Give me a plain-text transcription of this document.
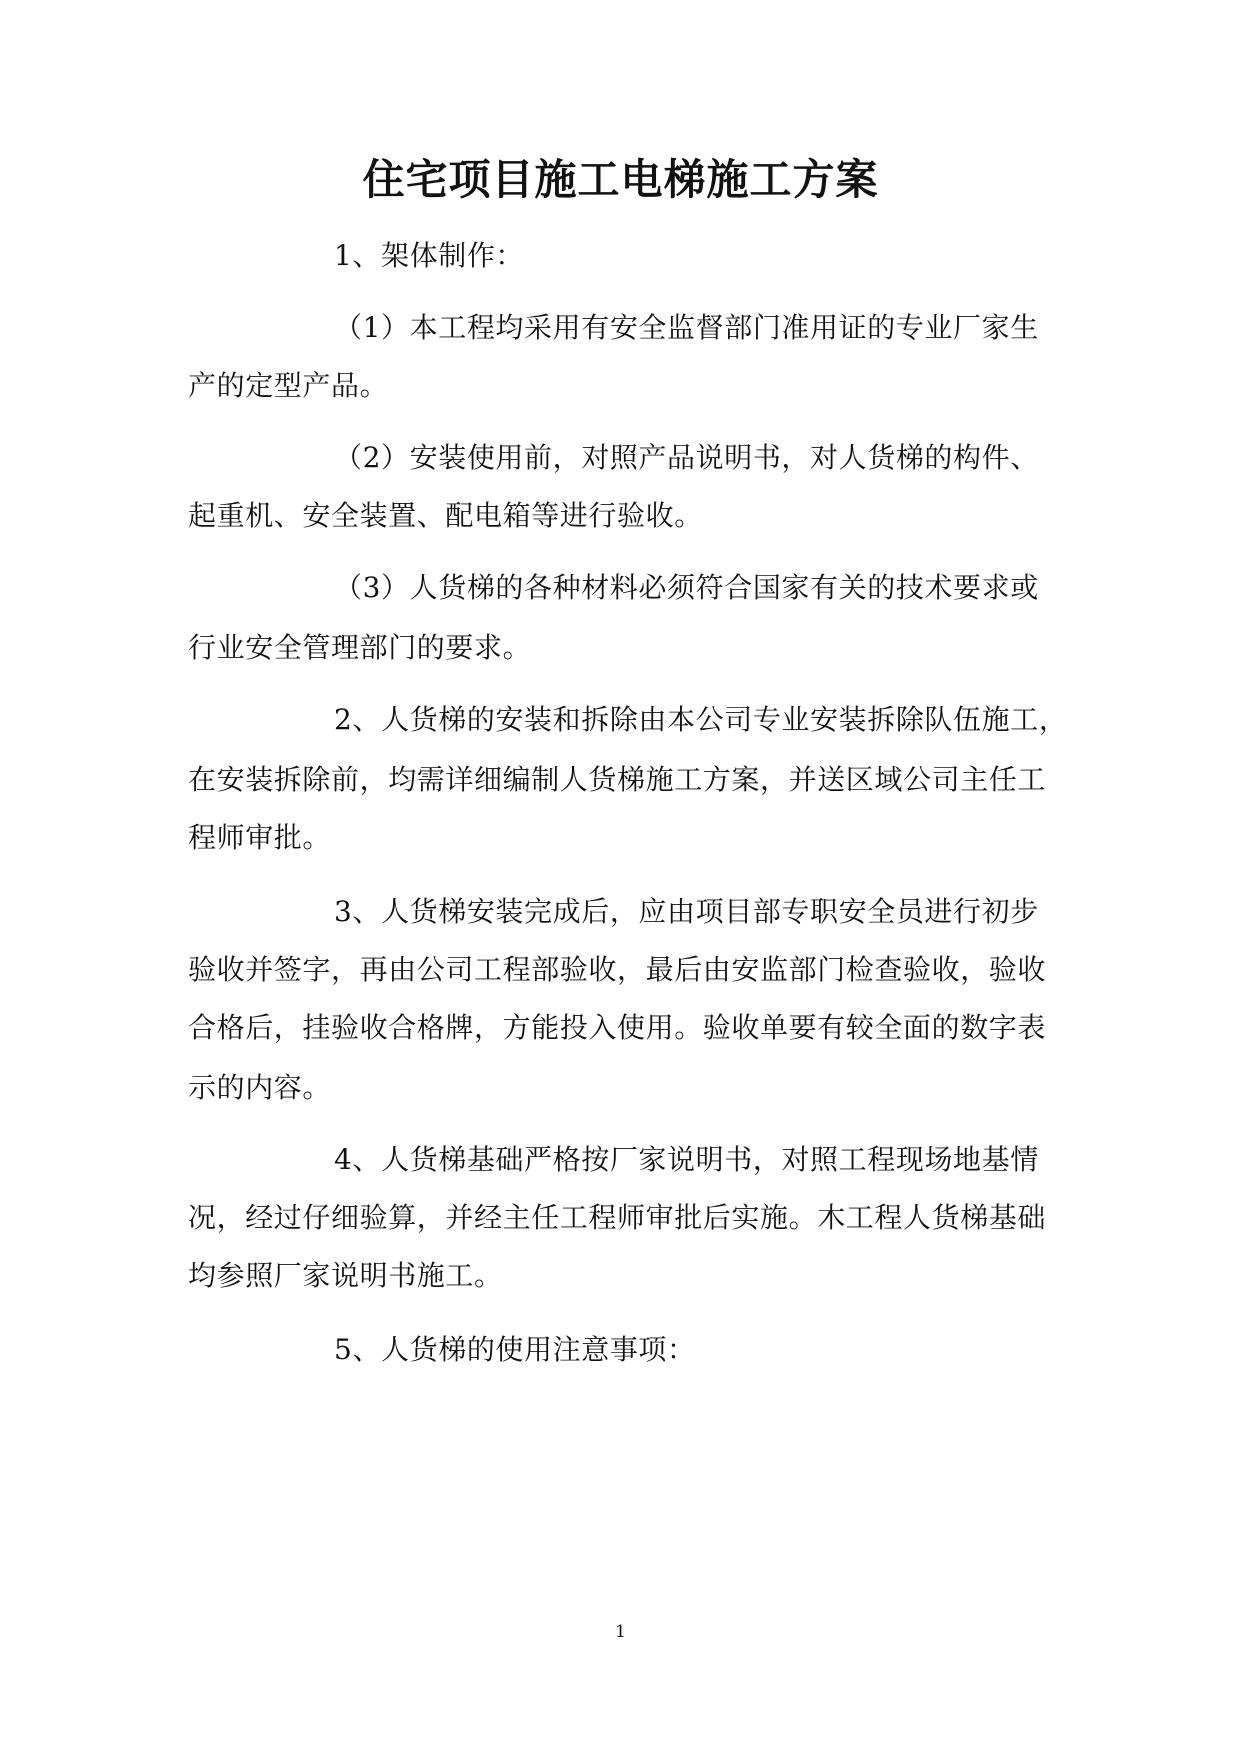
住宅项目施工电梯施工方案
1、架体制作：
（1）本工程均采用有安全监督部门准用证的专业厂家生
产的定型产品。
（2）安装使用前，对照产品说明书，对人货梯的构件、
起重机、安全装置、配电箱等进行验收。
（3）人货梯的各种材料必须符合国家有关的技术要求或
行业安全管理部门的要求。
2、人货梯的安装和拆除由本公司专业安装拆除队伍施工，
在安装拆除前，均需详细编制人货梯施工方案，并送区域公司主任工
程师审批。
3、人货梯安装完成后，应由项目部专职安全员进行初步
验收并签字，再由公司工程部验收，最后由安监部门检查验收，验收
合格后，挂验收合格牌，方能投入使用。验收单要有较全面的数字表
示的内容。
4、人货梯基础严格按厂家说明书，对照工程现场地基情
况，经过仔细验算，并经主任工程师审批后实施。木工程人货梯基础
均参照厂家说明书施工。
5、人货梯的使用注意事项：
1
